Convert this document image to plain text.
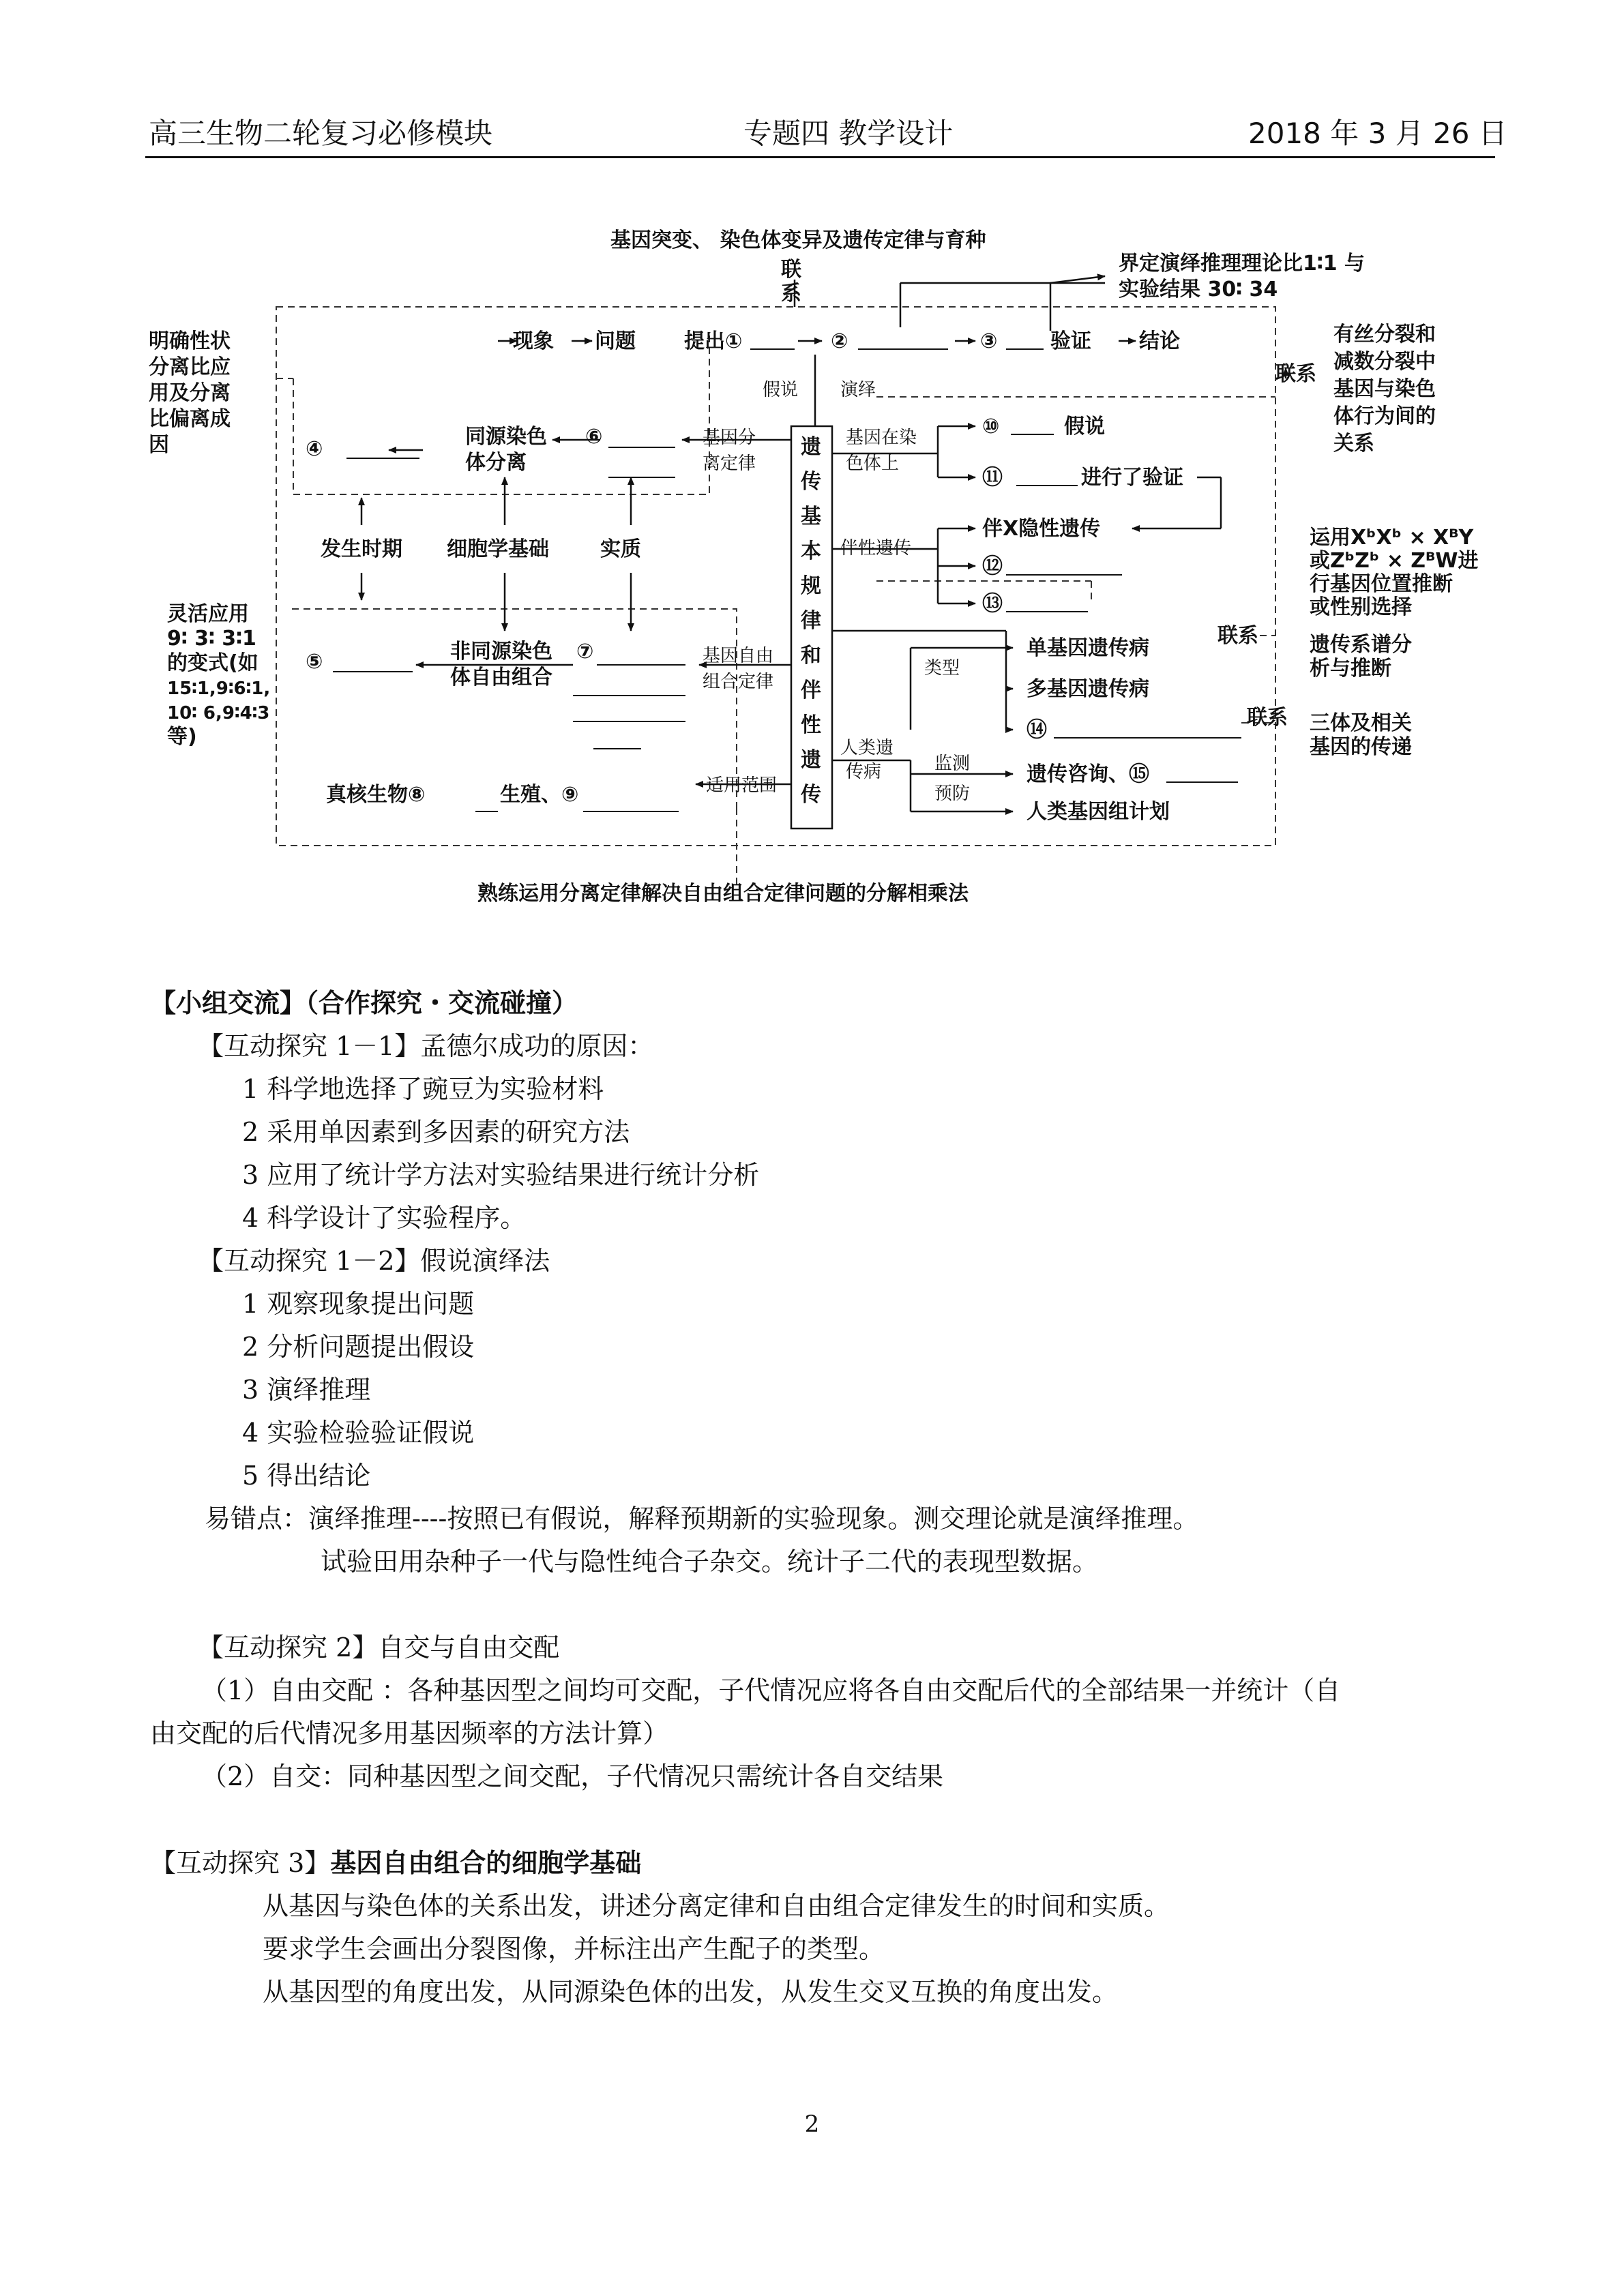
高三生物二轮复习必修模块	专题四 教学设计	2018 年 3 月 26 日
基因突变、 染色体变异及遗传定律与育种
联
系
界定演绎推理理论比1∶1 与
实验结果 30∶ 34
明确性状
分离比应
用及分离
比偏离成
因
现象 问题 提出①	②	③	验证 结论
假说 演绎
遗
传
基
本
规
律
和
伴
性
遗
传
联系
有丝分裂和
减数分裂中
基因与染色
体行为间的
关系
④
同源染色
体分离
⑥	基因分
离定律
基因在染
色体上
⑩	假说
⑪	进行了验证
发生时期 细胞学基础	实质	伴性遗传
伴X隐性遗传
⑫
⑬
运用XᵇXᵇ × XᴮY
或ZᵇZᵇ × ZᴮW进
行基因位置推断
或性别选择
灵活应用
9∶ 3∶ 3∶1
的变式(如
15∶1,9∶6∶1,
10∶ 6,9∶4∶3
等)
⑤	非同源染色
体自由组合
⑦	基因自由
组合定律
类型
单基因遗传病
多基因遗传病
⑭
联系	遗传系谱分
析与推断
联系 三体及相关
基因的传递
人类遗
传病	监测
预防
遗传咨询、⑮
人类基因组计划
真核生物⑧	生殖、⑨	适用范围
熟练运用分离定律解决自由组合定律问题的分解相乘法
【小组交流】（合作探究・交流碰撞）
【互动探究 1－1】孟德尔成功的原因：
1 科学地选择了豌豆为实验材料
2 采用单因素到多因素的研究方法
3 应用了统计学方法对实验结果进行统计分析
4 科学设计了实验程序。
【互动探究 1－2】假说演绎法
1 观察现象提出问题
2 分析问题提出假设
3 演绎推理
4 实验检验验证假说
5 得出结论
易错点：演绎推理----按照已有假说，解释预期新的实验现象。测交理论就是演绎推理。
试验田用杂种子一代与隐性纯合子杂交。统计子二代的表现型数据。
【互动探究 2】自交与自由交配
（1）自由交配 ：各种基因型之间均可交配，子代情况应将各自由交配后代的全部结果一并统计（自
由交配的后代情况多用基因频率的方法计算）
（2）自交：同种基因型之间交配，子代情况只需统计各自交结果
【互动探究 3】基因自由组合的细胞学基础
从基因与染色体的关系出发，讲述分离定律和自由组合定律发生的时间和实质。
要求学生会画出分裂图像，并标注出产生配子的类型。
从基因型的角度出发，从同源染色体的出发，从发生交叉互换的角度出发。
2
